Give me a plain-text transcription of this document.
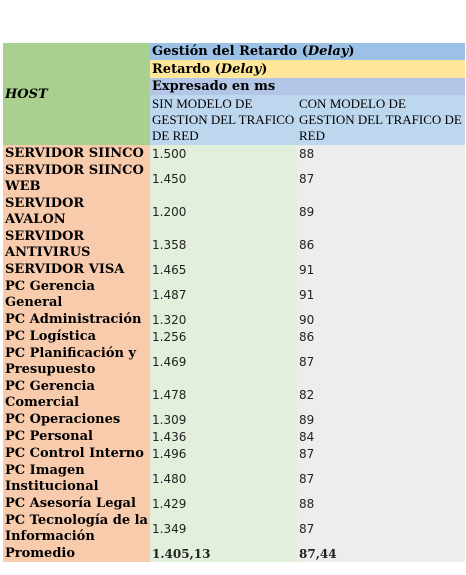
HOST	Gestión del Retardo (Delay)	
	Retardo (Delay)	
	Expresado en ms	
	SIN MODELO DE GESTION DEL TRAFICO DE RED	CON MODELO DE GESTION DEL TRAFICO DE RED
SERVIDOR SIINCO	1.500	88
SERVIDOR SIINCO WEB	1.450	87
SERVIDOR AVALON	1.200	89
SERVIDOR ANTIVIRUS	1.358	86
SERVIDOR VISA	1.465	91
PC Gerencia General	1.487	91
PC Administración	1.320	90
PC Logística	1.256	86
PC Planificación y Presupuesto	1.469	87
PC Gerencia Comercial	1.478	82
PC Operaciones	1.309	89
PC Personal	1.436	84
PC Control Interno	1.496	87
PC Imagen Institucional	1.480	87
PC Asesoría Legal	1.429	88
PC Tecnología de la Información	1.349	87
Promedio	1.405,13	87,44
